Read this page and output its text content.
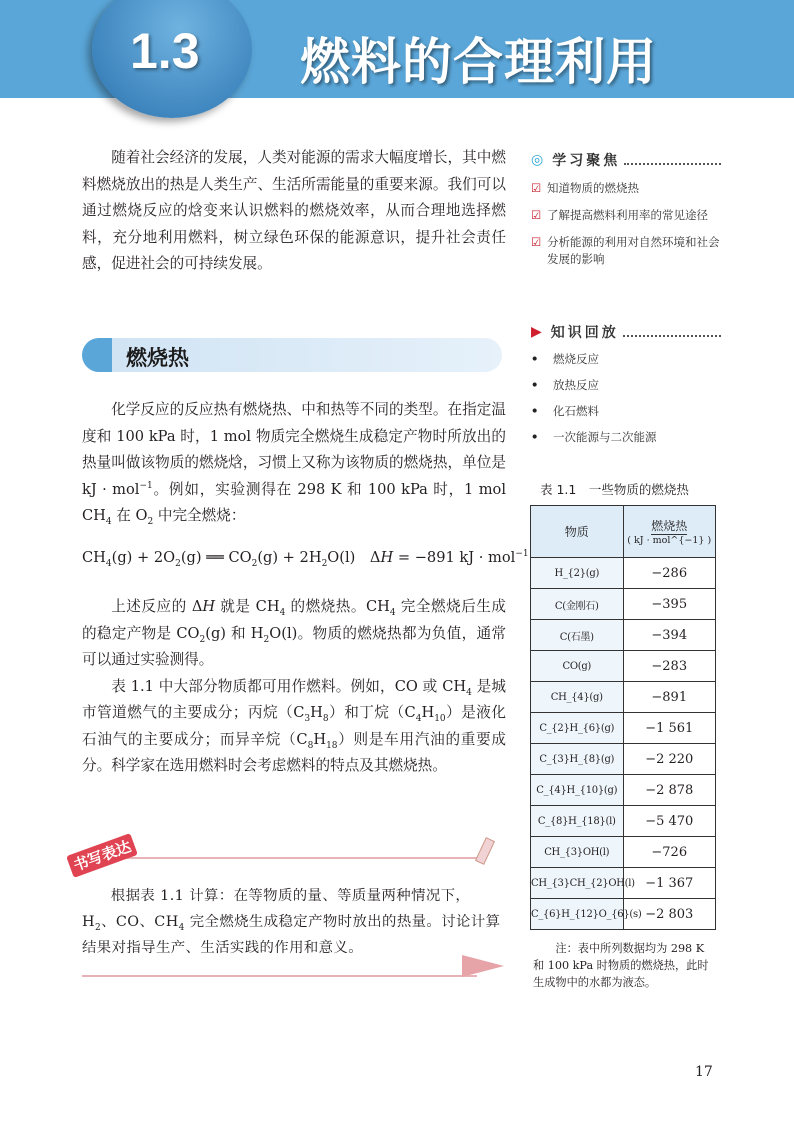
1.3 燃料的合理利用

随着社会经济的发展，人类对能源的需求大幅度增长，其中燃料燃烧放出的热是人类生产、生活所需能量的重要来源。我们可以通过燃烧反应的焓变来认识燃料的燃烧效率，从而合理地选择燃料，充分地利用燃料，树立绿色环保的能源意识，提升社会责任感，促进社会的可持续发展。

燃烧热

化学反应的反应热有燃烧热、中和热等不同的类型。在指定温度和 100 kPa 时，1 mol 物质完全燃烧生成稳定产物时所放出的热量叫做该物质的燃烧焓，习惯上又称为该物质的燃烧热，单位是 kJ · mol$^{-1}$。例如，实验测得在 298 K 和 100 kPa 时，1 mol $CH_4$ 在 $O_2$ 中完全燃烧：

$CH_4(g) + 2O_2(g)$ ══ $CO_2(g) + 2H_2O(l)$　ΔH = −891 kJ · mol$^{-1}$

上述反应的 ΔH 就是 $CH_4$ 的燃烧热。$CH_4$ 完全燃烧后生成的稳定产物是 $CO_2(g)$ 和 $H_2O(l)$。物质的燃烧热都为负值，通常可以通过实验测得。

表 1.1 中大部分物质都可用作燃料。例如，CO 或 $CH_4$ 是城市管道燃气的主要成分；丙烷$(C_3H_8)$和丁烷$(C_4H_{10})$是液化石油气的主要成分；而异辛烷$(C_8H_{18})$则是车用汽油的重要成分。科学家在选用燃料时会考虑燃料的特点及其燃烧热。

书写表达

根据表 1.1 计算：在等物质的量、等质量两种情况下，$H_2$、CO、$CH_4$ 完全燃烧生成稳定产物时放出的热量。讨论计算结果对指导生产、生活实践的作用和意义。

◎ 学习聚焦
☑ 知道物质的燃烧热
☑ 了解提高燃料利用率的常见途径
☑ 分析能源的利用对自然环境和社会发展的影响
▶ 知识回放
•	燃烧反应
•	放热反应
•	化石燃料
•	一次能源与二次能源
表 1.1　一些物质的燃烧热
物质	燃烧热
( kJ · mol^{−1} )

H_{2}(g)	−286
C(金刚石)	−395
C(石墨)	−394
CO(g)	−283
CH_{4}(g)	−891
C_{2}H_{6}(g)	−1 561
C_{3}H_{8}(g)	−2 220
C_{4}H_{10}(g)	−2 878
C_{8}H_{18}(l)	−5 470
CH_{3}OH(l)	−726
CH_{3}CH_{2}OH(l)	−1 367
C_{6}H_{12}O_{6}(s)	−2 803
注：表中所列数据均为 298 K 和 100 kPa 时物质的燃烧热，此时生成物中的水都为液态。
17
